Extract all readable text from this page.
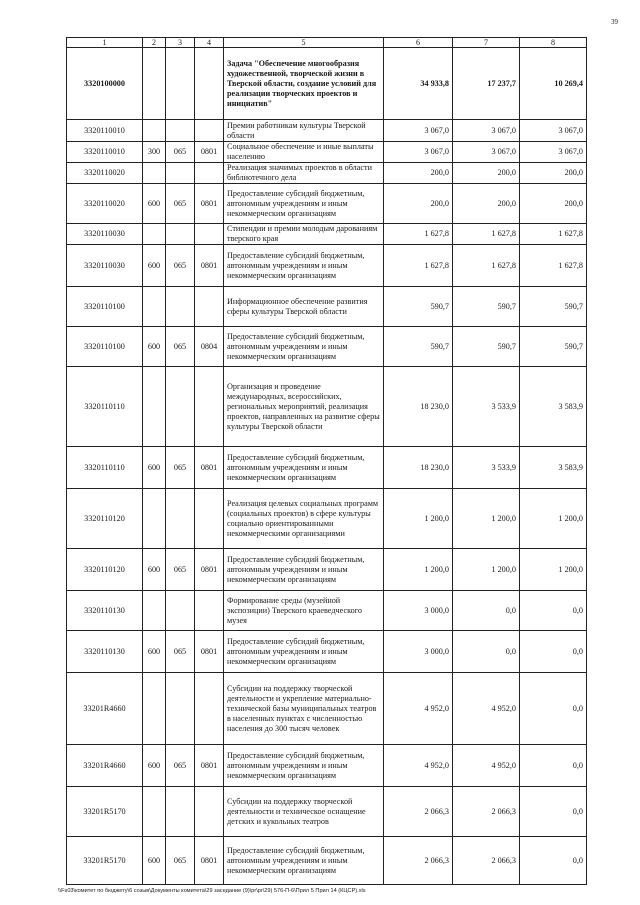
39
1	2	3	4	5	6	7	8
3320100000				Задача "Обеспечение многообразия художественной, творческой жизни в Тверской области, создание условий для реализации творческих проектов и инициатив"	34 933,8	17 237,7	10 269,4
3320110010				Премии работникам культуры Тверской области	3 067,0	3 067,0	3 067,0
3320110010	300	065	0801	Социальное обеспечение и иные выплаты населению	3 067,0	3 067,0	3 067,0
3320110020				Реализация значимых проектов в области библиотечного дела	200,0	200,0	200,0
3320110020	600	065	0801	Предоставление субсидий бюджетным, автономным учреждениям и иным некоммерческим организациям	200,0	200,0	200,0
3320110030				Стипендии и премии молодым дарованиям тверского края	1 627,8	1 627,8	1 627,8
3320110030	600	065	0801	Предоставление субсидий бюджетным, автономным учреждениям и иным некоммерческим организациям	1 627,8	1 627,8	1 627,8
3320110100				Информационное обеспечение развития сферы культуры Тверской области	590,7	590,7	590,7
3320110100	600	065	0804	Предоставление субсидий бюджетным, автономным учреждениям и иным некоммерческим организациям	590,7	590,7	590,7
3320110110				Организация и проведение международных, всероссийских, региональных мероприятий, реализация проектов, направленных на развитие сферы культуры Тверской области	18 230,0	3 533,9	3 583,9
3320110110	600	065	0801	Предоставление субсидий бюджетным, автономным учреждениям и иным некоммерческим организациям	18 230,0	3 533,9	3 583,9
3320110120				Реализация целевых социальных программ (социальных проектов) в сфере культуры социально ориентированными некоммерческими организациями	1 200,0	1 200,0	1 200,0
3320110120	600	065	0801	Предоставление субсидий бюджетным, автономным учреждениям и иным некоммерческим организациям	1 200,0	1 200,0	1 200,0
3320110130				Формирование среды (музейной экспозиции) Тверского краеведческого музея	3 000,0	0,0	0,0
3320110130	600	065	0801	Предоставление субсидий бюджетным, автономным учреждениям и иным некоммерческим организациям	3 000,0	0,0	0,0
33201R4660				Субсидии на поддержку творческой деятельности и укрепление материально-технической базы муниципальных театров в населенных пунктах с численностью населения до 300 тысяч человек	4 952,0	4 952,0	0,0
33201R4660	600	065	0801	Предоставление субсидий бюджетным, автономным учреждениям и иным некоммерческим организациям	4 952,0	4 952,0	0,0
33201R5170				Субсидии на поддержку творческой деятельности и техническое оснащение детских и кукольных театров	2 066,3	2 066,3	0,0
33201R5170	600	065	0801	Предоставление субсидий бюджетным, автономным учреждениям и иным некоммерческим организациям	2 066,3	2 066,3	0,0
\\Fs03\комитет по бюджету\6 созыв\Документы комитета\29 заседание (9)\pr\pr\29) 576-П-6\Прил 5 Прил 14 (КЦСР).xls
